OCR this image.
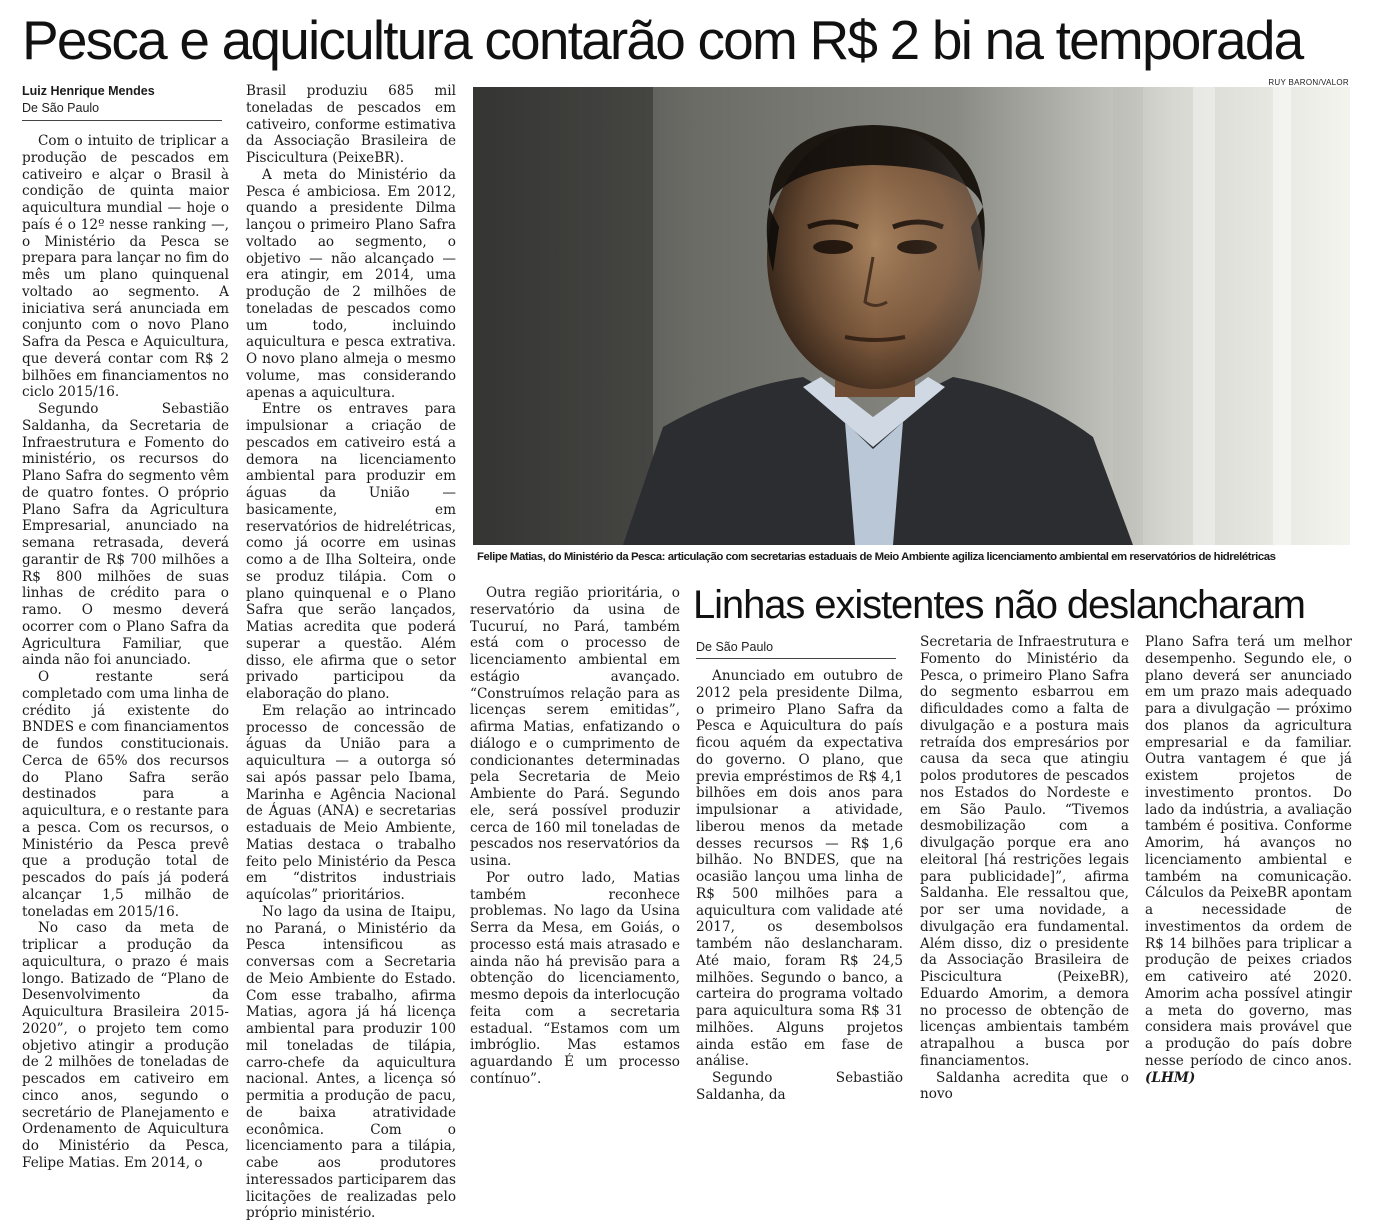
Pesca e aquicultura contarão com R$ 2 bi na temporada
Luiz Henrique Mendes
De São Paulo

Com o intuito de triplicar a produção de pescados em cativeiro e alçar o Brasil à condição de quinta maior aquicultura mundial — hoje o país é o 12º nesse ranking —, o Ministério da Pesca se prepara para lançar no fim do mês um plano quinquenal voltado ao segmento. A iniciativa será anunciada em conjunto com o novo Plano Safra da Pesca e Aquicultura, que deverá contar com R$ 2 bilhões em financiamentos no ciclo 2015/16.

Segundo Sebastião Saldanha, da Secretaria de Infraestrutura e Fomento do ministério, os recursos do Plano Safra do segmento vêm de quatro fontes. O próprio Plano Safra da Agricultura Empresarial, anunciado na semana retrasada, deverá garantir de R$ 700 milhões a R$ 800 milhões de suas linhas de crédito para o ramo. O mesmo deverá ocorrer com o Plano Safra da Agricultura Familiar, que ainda não foi anunciado.

O restante será completado com uma linha de crédito já existente do BNDES e com financiamentos de fundos constitucionais. Cerca de 65% dos recursos do Plano Safra serão destinados para a aquicultura, e o restante para a pesca. Com os recursos, o Ministério da Pesca prevê que a produção total de pescados do país já poderá alcançar 1,5 milhão de toneladas em 2015/16.

No caso da meta de triplicar a produção da aquicultura, o prazo é mais longo. Batizado de “Plano de Desenvolvimento da Aquicultura Brasileira 2015-2020”, o projeto tem como objetivo atingir a produção de 2 milhões de toneladas de pescados em cativeiro em cinco anos, segundo o secretário de Planejamento e Ordenamento de Aquicultura do Ministério da Pesca, Felipe Matias. Em 2014, o

Brasil produziu 685 mil toneladas de pescados em cativeiro, conforme estimativa da Associação Brasileira de Piscicultura (PeixeBR).

A meta do Ministério da Pesca é ambiciosa. Em 2012, quando a presidente Dilma lançou o primeiro Plano Safra voltado ao segmento, o objetivo — não alcançado — era atingir, em 2014, uma produção de 2 milhões de toneladas de pescados como um todo, incluindo aquicultura e pesca extrativa. O novo plano almeja o mesmo volume, mas considerando apenas a aquicultura.

Entre os entraves para impulsionar a criação de pescados em cativeiro está a demora na licenciamento ambiental para produzir em águas da União — basicamente, em reservatórios de hidrelétricas, como já ocorre em usinas como a de Ilha Solteira, onde se produz tilápia. Com o plano quinquenal e o Plano Safra que serão lançados, Matias acredita que poderá superar a questão. Além disso, ele afirma que o setor privado participou da elaboração do plano.

Em relação ao intrincado processo de concessão de águas da União para a aquicultura — a outorga só sai após passar pelo Ibama, Marinha e Agência Nacional de Águas (ANA) e secretarias estaduais de Meio Ambiente, Matias destaca o trabalho feito pelo Ministério da Pesca em “distritos industriais aquícolas” prioritários.

No lago da usina de Itaipu, no Paraná, o Ministério da Pesca intensificou as conversas com a Secretaria de Meio Ambiente do Estado. Com esse trabalho, afirma Matias, agora já há licença ambiental para produzir 100 mil toneladas de tilápia, carro-chefe da aquicultura nacional. Antes, a licença só permitia a produção de pacu, de baixa atratividade econômica. Com o licenciamento para a tilápia, cabe aos produtores interessados participarem das licitações de realizadas pelo próprio ministério.

RUY BARON/VALOR
Felipe Matias, do Ministério da Pesca: articulação com secretarias estaduais de Meio Ambiente agiliza licenciamento ambiental em reservatórios de hidrelétricas

Outra região prioritária, o reservatório da usina de Tucuruí, no Pará, também está com o processo de licenciamento ambiental em estágio avançado. “Construímos relação para as licenças serem emitidas”, afirma Matias, enfatizando o diálogo e o cumprimento de condicionantes determinadas pela Secretaria de Meio Ambiente do Pará. Segundo ele, será possível produzir cerca de 160 mil toneladas de pescados nos reservatórios da usina.

Por outro lado, Matias também reconhece problemas. No lago da Usina Serra da Mesa, em Goiás, o processo está mais atrasado e ainda não há previsão para a obtenção do licenciamento, mesmo depois da interlocução feita com a secretaria estadual. “Estamos com um imbróglio. Mas estamos aguardando É um processo contínuo”.

Linhas existentes não deslancharam
De São Paulo

Anunciado em outubro de 2012 pela presidente Dilma, o primeiro Plano Safra da Pesca e Aquicultura do país ficou aquém da expectativa do governo. O plano, que previa empréstimos de R$ 4,1 bilhões em dois anos para impulsionar a atividade, liberou menos da metade desses recursos — R$ 1,6 bilhão. No BNDES, que na ocasião lançou uma linha de R$ 500 milhões para a aquicultura com validade até 2017, os desembolsos também não deslancharam. Até maio, foram R$ 24,5 milhões. Segundo o banco, a carteira do programa voltado para aquicultura soma R$ 31 milhões. Alguns projetos ainda estão em fase de análise.

Segundo Sebastião Saldanha, da

Secretaria de Infraestrutura e Fomento do Ministério da Pesca, o primeiro Plano Safra do segmento esbarrou em dificuldades como a falta de divulgação e a postura mais retraída dos empresários por causa da seca que atingiu polos produtores de pescados nos Estados do Nordeste e em São Paulo. “Tivemos desmobilização com a divulgação porque era ano eleitoral [há restrições legais para publicidade]”, afirma Saldanha. Ele ressaltou que, por ser uma novidade, a divulgação era fundamental. Além disso, diz o presidente da Associação Brasileira de Piscicultura (PeixeBR), Eduardo Amorim, a demora no processo de obtenção de licenças ambientais também atrapalhou a busca por financiamentos.

Saldanha acredita que o novo

Plano Safra terá um melhor desempenho. Segundo ele, o plano deverá ser anunciado em um prazo mais adequado para a divulgação — próximo dos planos da agricultura empresarial e da familiar. Outra vantagem é que já existem projetos de investimento prontos. Do lado da indústria, a avaliação também é positiva. Conforme Amorim, há avanços no licenciamento ambiental e também na comunicação. Cálculos da PeixeBR apontam a necessidade de investimentos da ordem de R$ 14 bilhões para triplicar a produção de peixes criados em cativeiro até 2020. Amorim acha possível atingir a meta do governo, mas considera mais provável que a produção do país dobre nesse período de cinco anos. (LHM)
